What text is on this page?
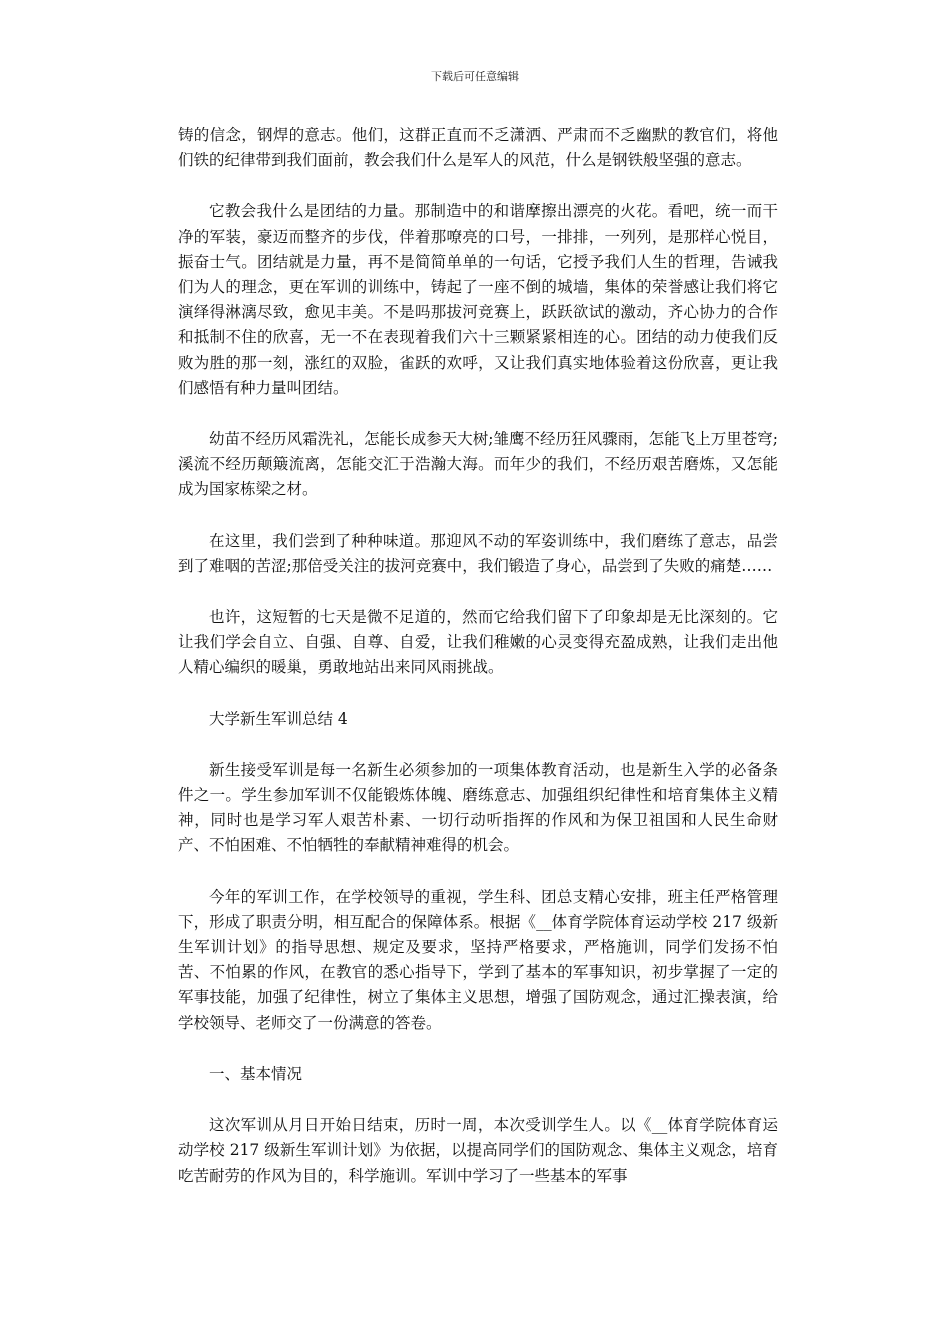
下载后可任意编辑

铸的信念，钢焊的意志。他们，这群正直而不乏潇洒、严肃而不乏幽默的教官们，将他们铁的纪律带到我们面前，教会我们什么是军人的风范，什么是钢铁般坚强的意志。

它教会我什么是团结的力量。那制造中的和谐摩擦出漂亮的火花。看吧，统一而干净的军装，豪迈而整齐的步伐，伴着那嘹亮的口号，一排排，一列列，是那样心悦目，振奋士气。团结就是力量，再不是简简单单的一句话，它授予我们人生的哲理，告诫我们为人的理念，更在军训的训练中，铸起了一座不倒的城墙，集体的荣誉感让我们将它演绎得淋漓尽致，愈见丰美。不是吗那拔河竞赛上，跃跃欲试的激动，齐心协力的合作和抵制不住的欣喜，无一不在表现着我们六十三颗紧紧相连的心。团结的动力使我们反败为胜的那一刻，涨红的双脸，雀跃的欢呼，又让我们真实地体验着这份欣喜，更让我们感悟有种力量叫团结。

幼苗不经历风霜洗礼，怎能长成参天大树;雏鹰不经历狂风骤雨，怎能飞上万里苍穹;溪流不经历颠簸流离，怎能交汇于浩瀚大海。而年少的我们，不经历艰苦磨炼，又怎能成为国家栋梁之材。

在这里，我们尝到了种种味道。那迎风不动的军姿训练中，我们磨练了意志，品尝到了难咽的苦涩;那倍受关注的拔河竞赛中，我们锻造了身心，品尝到了失败的痛楚……

也许，这短暂的七天是微不足道的，然而它给我们留下了印象却是无比深刻的。它让我们学会自立、自强、自尊、自爱，让我们稚嫩的心灵变得充盈成熟，让我们走出他人精心编织的暖巢，勇敢地站出来同风雨挑战。

大学新生军训总结 4

新生接受军训是每一名新生必须参加的一项集体教育活动，也是新生入学的必备条件之一。学生参加军训不仅能锻炼体魄、磨练意志、加强组织纪律性和培育集体主义精神，同时也是学习军人艰苦朴素、一切行动听指挥的作风和为保卫祖国和人民生命财产、不怕困难、不怕牺牲的奉献精神难得的机会。

今年的军训工作，在学校领导的重视，学生科、团总支精心安排，班主任严格管理下，形成了职责分明，相互配合的保障体系。根据《__体育学院体育运动学校 217 级新生军训计划》的指导思想、规定及要求，坚持严格要求，严格施训，同学们发扬不怕苦、不怕累的作风，在教官的悉心指导下，学到了基本的军事知识，初步掌握了一定的军事技能，加强了纪律性，树立了集体主义思想，增强了国防观念，通过汇操表演，给学校领导、老师交了一份满意的答卷。

一、基本情况

这次军训从月日开始日结束，历时一周，本次受训学生人。以《__体育学院体育运动学校 217 级新生军训计划》为依据，以提高同学们的国防观念、集体主义观念，培育吃苦耐劳的作风为目的，科学施训。军训中学习了一些基本的军事
